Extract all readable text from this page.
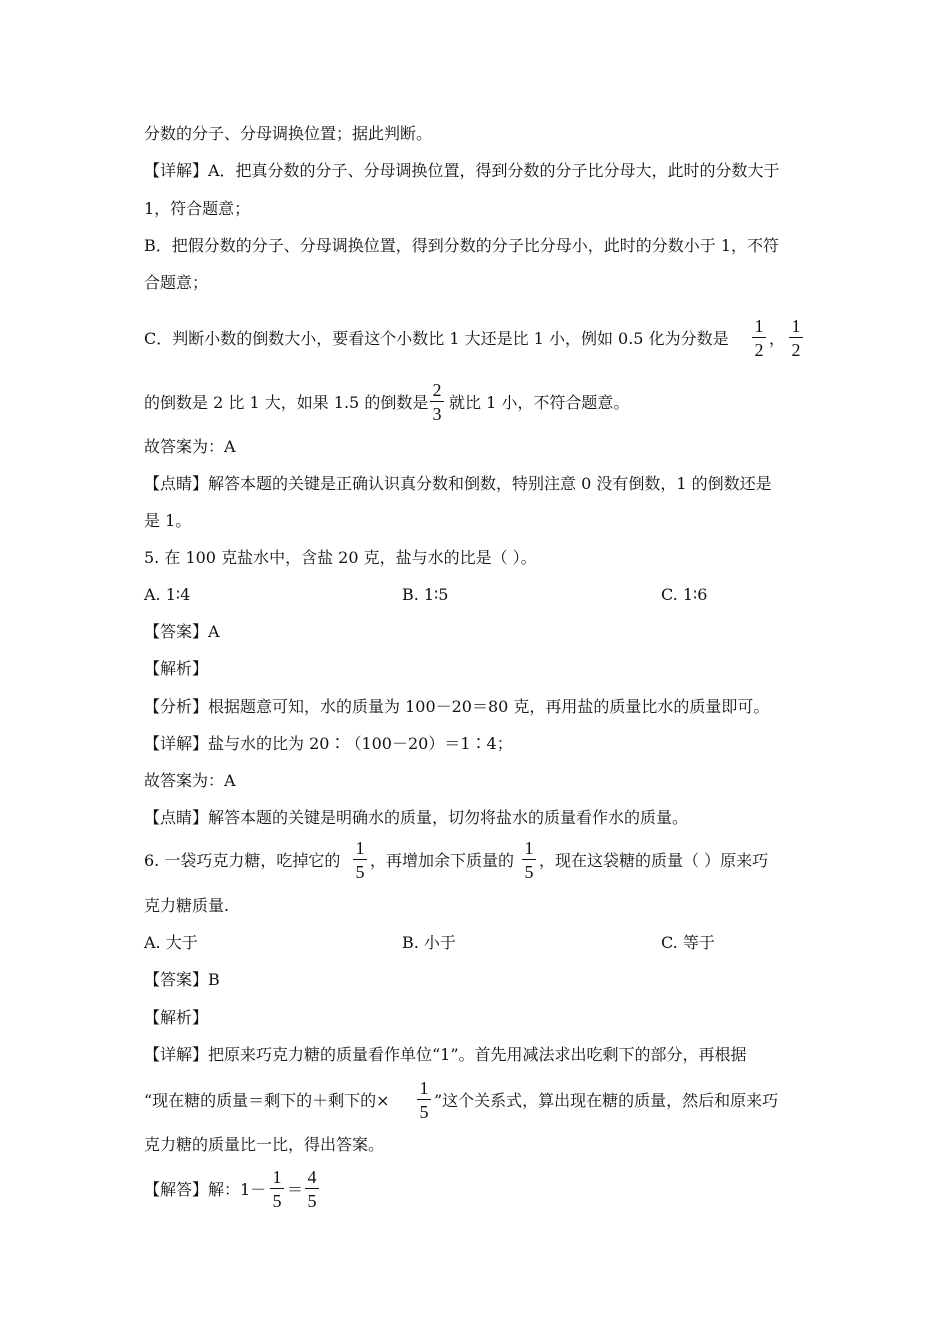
分数的分子、分母调换位置；据此判断。
【详解】A．把真分数的分子、分母调换位置，得到分数的分子比分母大，此时的分数大于
1，符合题意；
B．把假分数的分子、分母调换位置，得到分数的分子比分母小，此时的分数小于 1，不符
合题意；
C．判断小数的倒数大小，要看这个小数比 1 大还是比 1 小，例如 0.5 化为分数是
1
2
，
1
2
的倒数是 2 比 1 大，如果 1.5 的倒数是
2
3
就比 1 小，不符合题意。
故答案为：A
【点睛】解答本题的关键是正确认识真分数和倒数，特别注意 0 没有倒数，1 的倒数还是
是 1。
5. 在 100 克盐水中，含盐 20 克，盐与水的比是（ ）。
A. 1∶4	B. 1∶5	C. 1∶6
【答案】A
【解析】
【分析】根据题意可知，水的质量为 100－20＝80 克，再用盐的质量比水的质量即可。
【详解】盐与水的比为 20∶（100－20）＝1∶4；
故答案为：A
【点睛】解答本题的关键是明确水的质量，切勿将盐水的质量看作水的质量。
6. 一袋巧克力糖，吃掉它的
1
5
，再增加余下质量的
1
5
，现在这袋糖的质量（ ）原来巧
克力糖质量.
A. 大于	B. 小于	C. 等于
【答案】B
【解析】
【详解】把原来巧克力糖的质量看作单位“1”。首先用减法求出吃剩下的部分，再根据
“现在糖的质量＝剩下的＋剩下的×
1
5
”这个关系式，算出现在糖的质量，然后和原来巧
克力糖的质量比一比，得出答案。
【解答】解：1－
1
5
＝
4
5
